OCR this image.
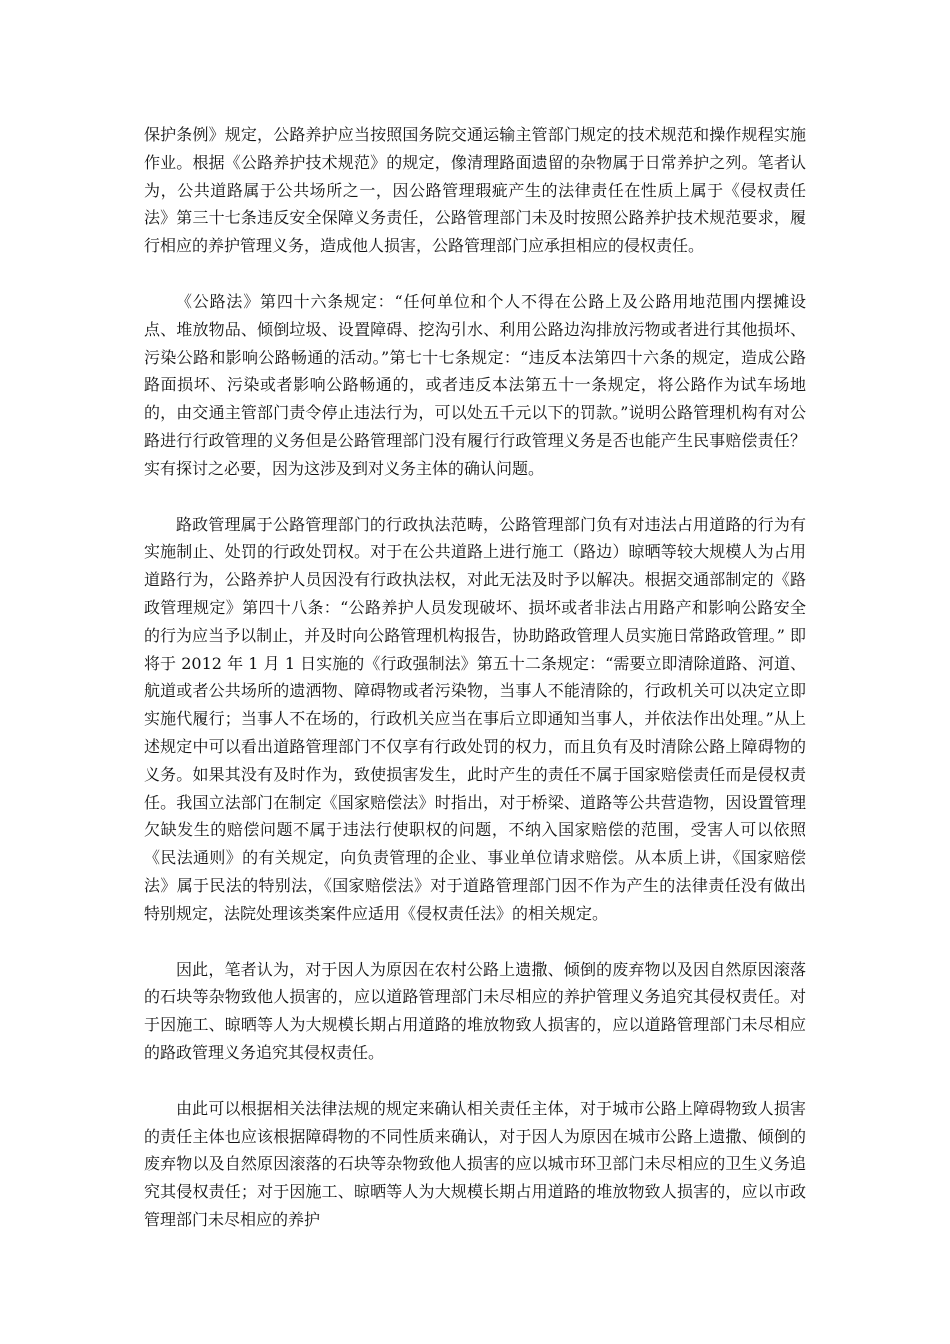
保护条例》规定，公路养护应当按照国务院交通运输主管部门规定的技术规范和操作规程实施作业。根据《公路养护技术规范》的规定，像清理路面遗留的杂物属于日常养护之列。笔者认为，公共道路属于公共场所之一，因公路管理瑕疵产生的法律责任在性质上属于《侵权责任法》第三十七条违反安全保障义务责任，公路管理部门未及时按照公路养护技术规范要求，履行相应的养护管理义务，造成他人损害，公路管理部门应承担相应的侵权责任。

《公路法》第四十六条规定：“任何单位和个人不得在公路上及公路用地范围内摆摊设点、堆放物品、倾倒垃圾、设置障碍、挖沟引水、利用公路边沟排放污物或者进行其他损坏、污染公路和影响公路畅通的活动。”第七十七条规定：“违反本法第四十六条的规定，造成公路路面损坏、污染或者影响公路畅通的，或者违反本法第五十一条规定，将公路作为试车场地的，由交通主管部门责令停止违法行为，可以处五千元以下的罚款。”说明公路管理机构有对公路进行行政管理的义务但是公路管理部门没有履行行政管理义务是否也能产生民事赔偿责任？实有探讨之必要，因为这涉及到对义务主体的确认问题。

路政管理属于公路管理部门的行政执法范畴，公路管理部门负有对违法占用道路的行为有实施制止、处罚的行政处罚权。对于在公共道路上进行施工（路边）晾晒等较大规模人为占用道路行为，公路养护人员因没有行政执法权，对此无法及时予以解决。根据交通部制定的《路政管理规定》第四十八条：“公路养护人员发现破坏、损坏或者非法占用路产和影响公路安全的行为应当予以制止，并及时向公路管理机构报告，协助路政管理人员实施日常路政管理。” 即将于 2012 年 1 月 1 日实施的《行政强制法》第五十二条规定：“需要立即清除道路、河道、航道或者公共场所的遗洒物、障碍物或者污染物，当事人不能清除的，行政机关可以决定立即实施代履行；当事人不在场的，行政机关应当在事后立即通知当事人，并依法作出处理。”从上述规定中可以看出道路管理部门不仅享有行政处罚的权力，而且负有及时清除公路上障碍物的义务。如果其没有及时作为，致使损害发生，此时产生的责任不属于国家赔偿责任而是侵权责任。我国立法部门在制定《国家赔偿法》时指出，对于桥梁、道路等公共营造物，因设置管理欠缺发生的赔偿问题不属于违法行使职权的问题，不纳入国家赔偿的范围，受害人可以依照《民法通则》的有关规定，向负责管理的企业、事业单位请求赔偿。从本质上讲，《国家赔偿法》属于民法的特别法，《国家赔偿法》对于道路管理部门因不作为产生的法律责任没有做出特别规定，法院处理该类案件应适用《侵权责任法》的相关规定。

因此，笔者认为，对于因人为原因在农村公路上遗撒、倾倒的废弃物以及因自然原因滚落的石块等杂物致他人损害的，应以道路管理部门未尽相应的养护管理义务追究其侵权责任。对于因施工、晾晒等人为大规模长期占用道路的堆放物致人损害的，应以道路管理部门未尽相应的路政管理义务追究其侵权责任。

由此可以根据相关法律法规的规定来确认相关责任主体，对于城市公路上障碍物致人损害的责任主体也应该根据障碍物的不同性质来确认，对于因人为原因在城市公路上遗撒、倾倒的废弃物以及自然原因滚落的石块等杂物致他人损害的应以城市环卫部门未尽相应的卫生义务追究其侵权责任；对于因施工、晾晒等人为大规模长期占用道路的堆放物致人损害的，应以市政管理部门未尽相应的养护
